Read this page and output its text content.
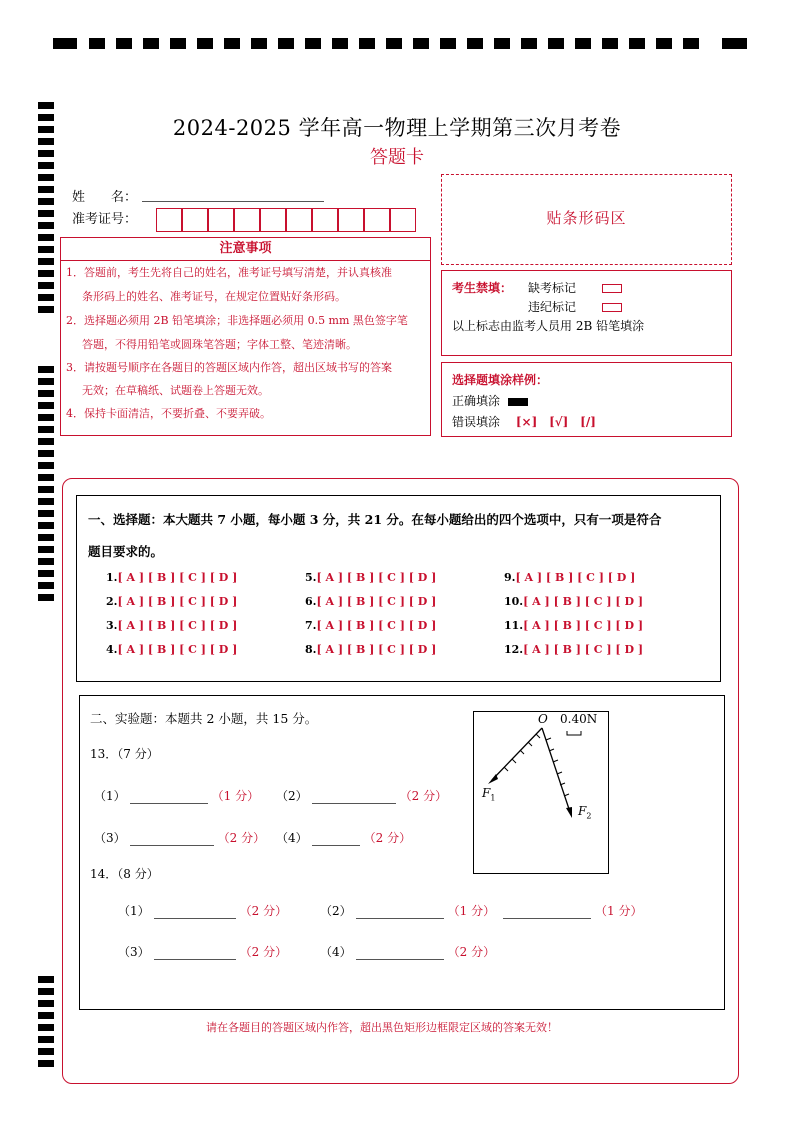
2024-2025 学年高一物理上学期第三次月考卷
答题卡
姓　　名：
准考证号：	贴条形码区
注意事项
1．答题前，考生先将自己的姓名，准考证号填写清楚，并认真核准
条形码上的姓名、准考证号，在规定位置贴好条形码。
2．选择题必须用 2B 铅笔填涂；非选择题必须用 0.5 mm 黑色签字笔
答题，不得用铅笔或圆珠笔答题；字体工整、笔迹清晰。
3．请按题号顺序在各题目的答题区域内作答，超出区域书写的答案
无效；在草稿纸、试题卷上答题无效。
4．保持卡面清洁，不要折叠、不要弄破。
考生禁填： 缺考标记
违纪标记
以上标志由监考人员用 2B 铅笔填涂
选择题填涂样例：
正确填涂
错误填涂 [×] [√] [/]
一、选择题：本大题共 7 小题，每小题 3 分，共 21 分。在每小题给出的四个选项中，只有一项是符合
题目要求的。
1.[ A ] [ B ] [ C ] [ D ]
2.[ A ] [ B ] [ C ] [ D ]
3.[ A ] [ B ] [ C ] [ D ]
4.[ A ] [ B ] [ C ] [ D ]
5.[ A ] [ B ] [ C ] [ D ]
6.[ A ] [ B ] [ C ] [ D ]
7.[ A ] [ B ] [ C ] [ D ]
8.[ A ] [ B ] [ C ] [ D ]
9.[ A ] [ B ] [ C ] [ D ]
10.[ A ] [ B ] [ C ] [ D ]
11.[ A ] [ B ] [ C ] [ D ]
12.[ A ] [ B ] [ C ] [ D ]
二、实验题：本题共 2 小题，共 15 分。
13．（7 分）
（1）	（1 分） （2）	（2 分）
（3）	（2 分） （4）	（2 分）
14．（8 分）
（1）	（2 分）	（2）	（1 分）	（1 分）
（3）	（2 分）	（4）	（2 分）
O 0.40N
$F_1$
$F_2$
请在各题目的答题区域内作答，超出黑色矩形边框限定区域的答案无效！
